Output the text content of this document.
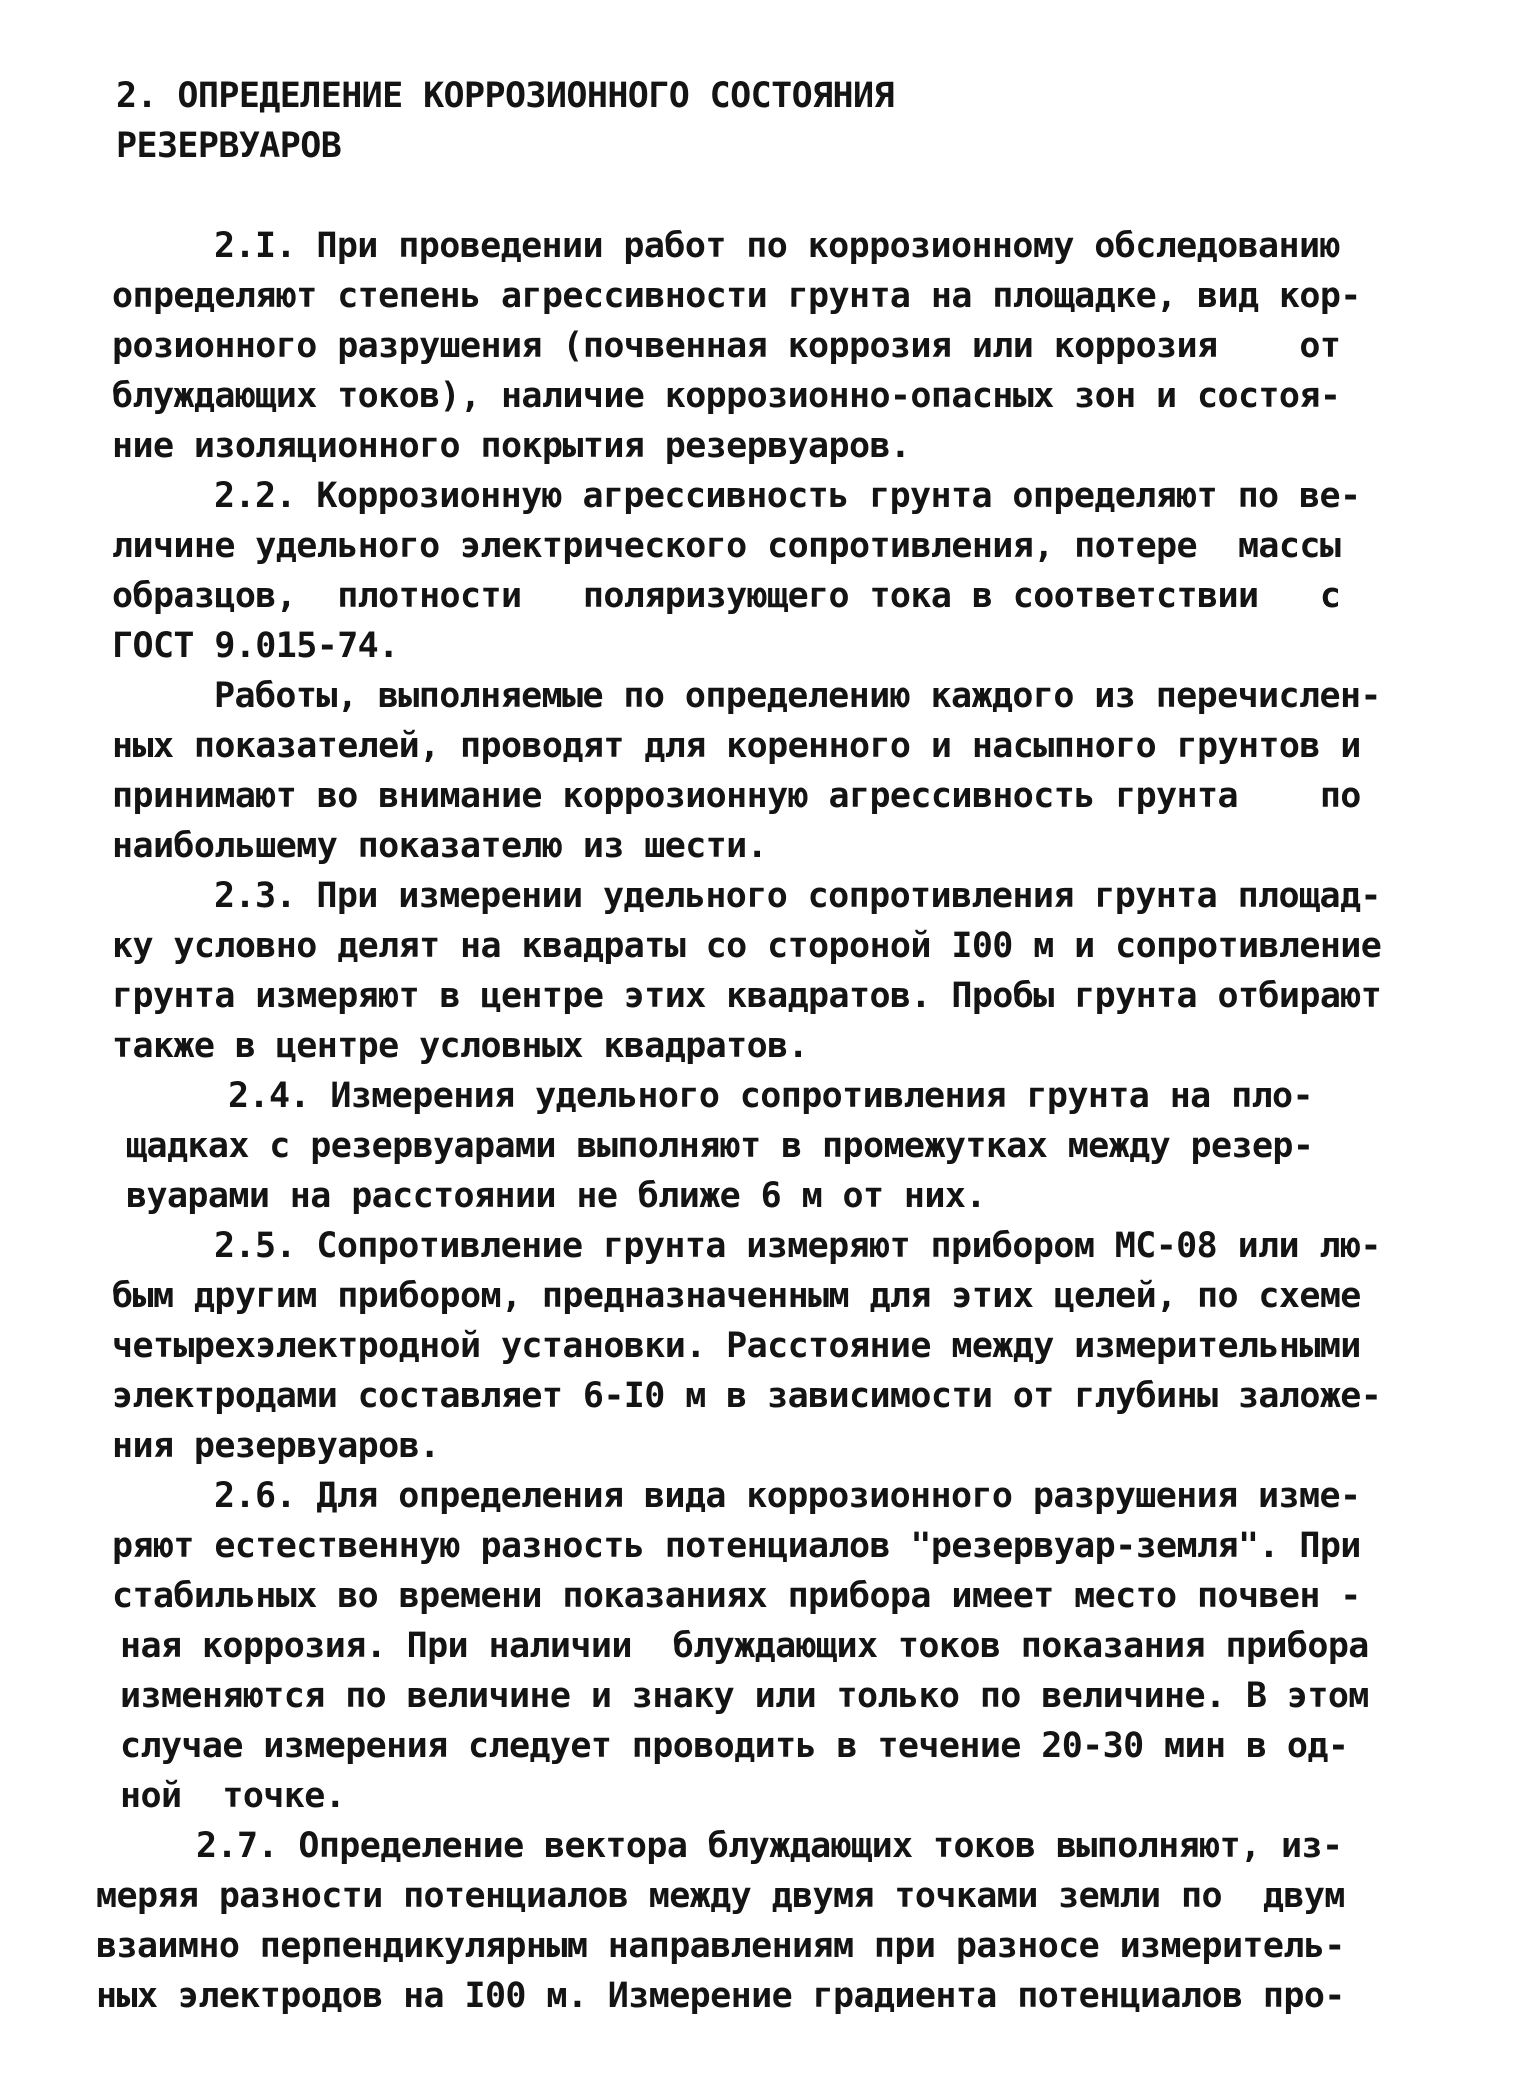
2. ОПРЕДЕЛЕНИЕ КОРРОЗИОННОГО СОСТОЯНИЯ

РЕЗЕРВУАРОВ

2.I. При проведении работ по коррозионному обследованию

определяют степень агрессивности грунта на площадке, вид кор-

розионного разрушения (почвенная коррозия или коррозия    от

блуждающих токов), наличие коррозионно-опасных зон и состоя-

ние изоляционного покрытия резервуаров.

2.2. Коррозионную агрессивность грунта определяют по ве-

личине удельного электрического сопротивления, потере  массы

образцов,  плотности   поляризующего тока в соответствии   с

ГОСТ 9.015-74.

Работы, выполняемые по определению каждого из перечислен-

ных показателей, проводят для коренного и насыпного грунтов и

принимают во внимание коррозионную агрессивность грунта    по

наибольшему показателю из шести.

2.3. При измерении удельного сопротивления грунта площад-

ку условно делят на квадраты со стороной I00 м и сопротивление

грунта измеряют в центре этих квадратов. Пробы грунта отбирают

также в центре условных квадратов.

2.4. Измерения удельного сопротивления грунта на пло-

щадках с резервуарами выполняют в промежутках между резер-

вуарами на расстоянии не ближе 6 м от них.

2.5. Сопротивление грунта измеряют прибором МС-08 или лю-

бым другим прибором, предназначенным для этих целей, по схеме

четырехэлектродной установки. Расстояние между измерительными

электродами составляет 6-I0 м в зависимости от глубины заложе-

ния резервуаров.

2.6. Для определения вида коррозионного разрушения изме-

ряют естественную разность потенциалов "резервуар-земля". При

стабильных во времени показаниях прибора имеет место почвен -

ная коррозия. При наличии  блуждающих токов показания прибора

изменяются по величине и знаку или только по величине. В этом

случае измерения следует проводить в течение 20-30 мин в од-

ной  точке.

2.7. Определение вектора блуждающих токов выполняют, из-

меряя разности потенциалов между двумя точками земли по  двум

взаимно перпендикулярным направлениям при разносе измеритель-

ных электродов на I00 м. Измерение градиента потенциалов про-
